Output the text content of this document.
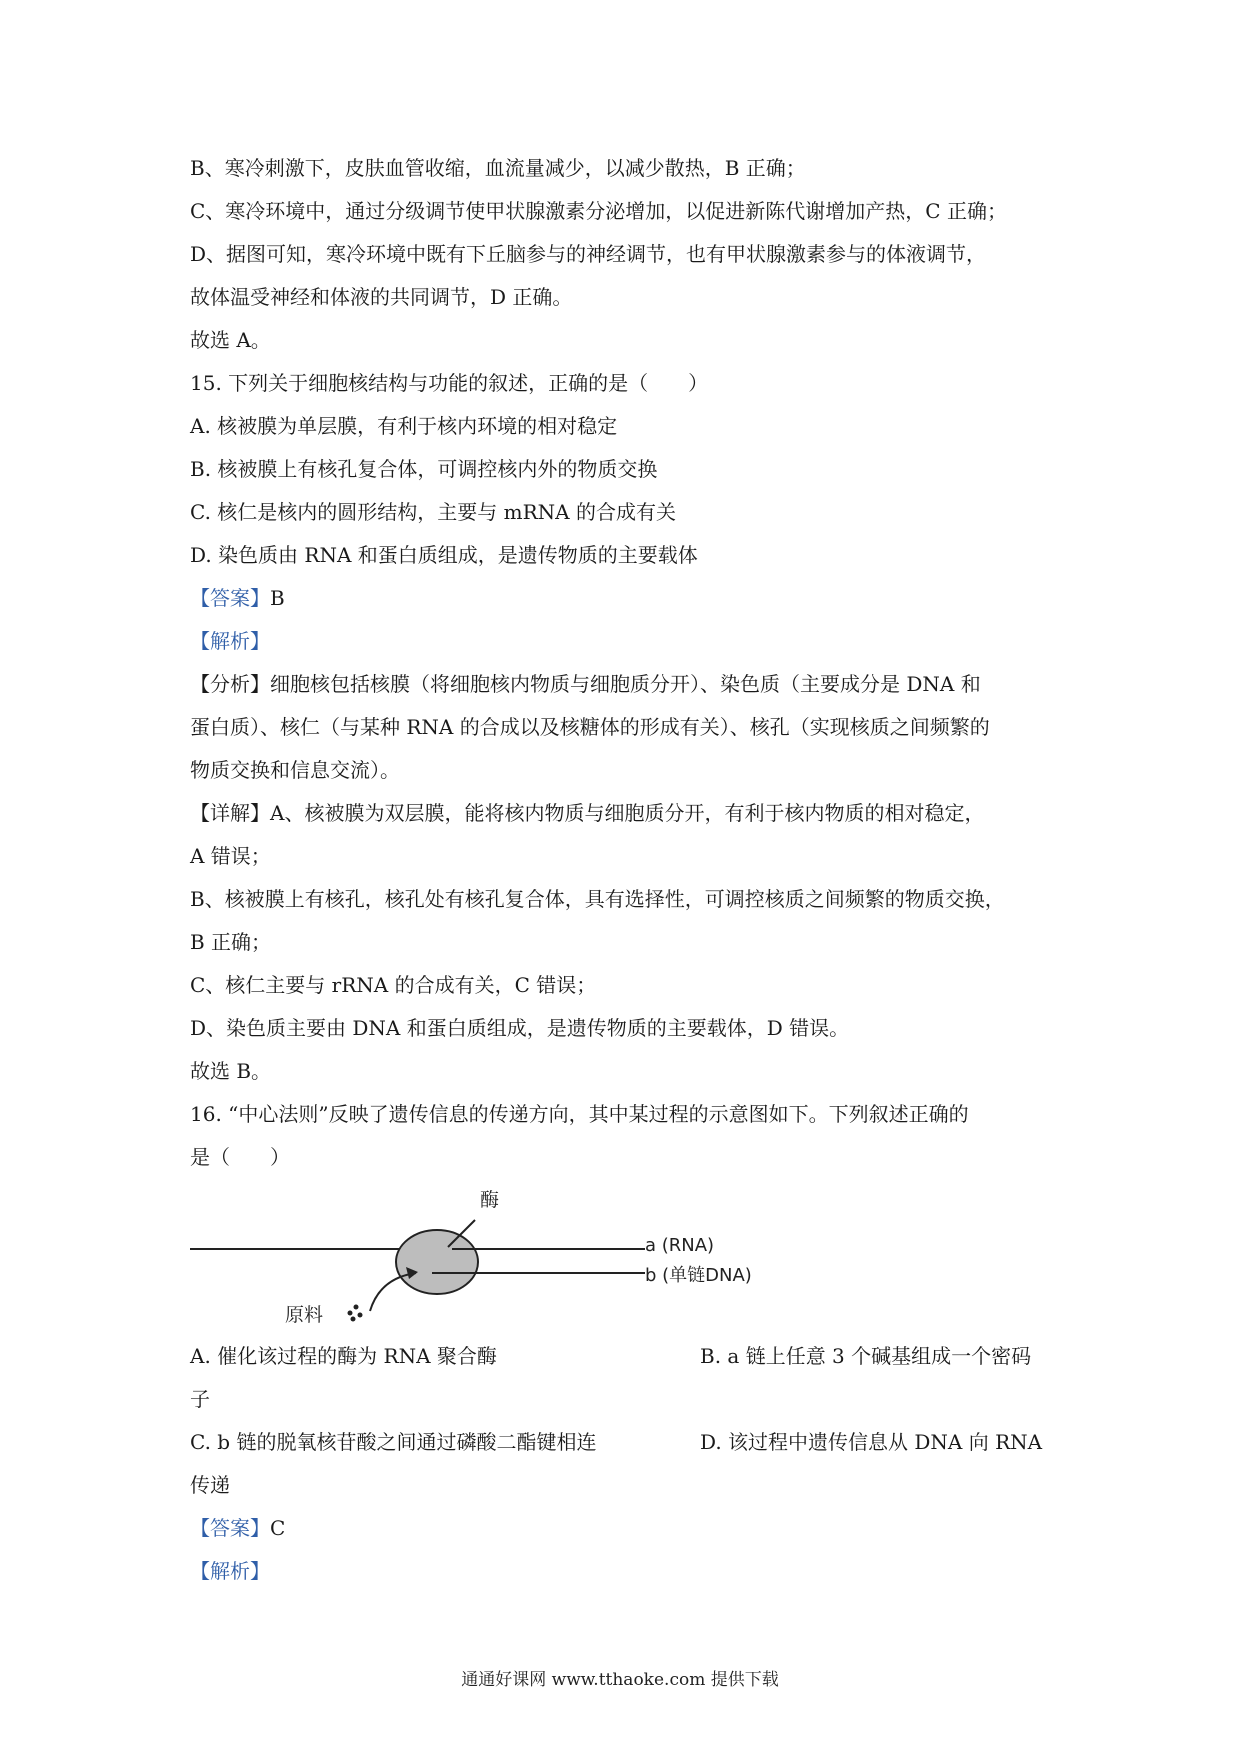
B、寒冷刺激下，皮肤血管收缩，血流量减少，以减少散热，B 正确；

C、寒冷环境中，通过分级调节使甲状腺激素分泌增加，以促进新陈代谢增加产热，C 正确；

D、据图可知，寒冷环境中既有下丘脑参与的神经调节，也有甲状腺激素参与的体液调节，

故体温受神经和体液的共同调节，D 正确。

故选 A。

15. 下列关于细胞核结构与功能的叙述，正确的是（　　）

A. 核被膜为单层膜，有利于核内环境的相对稳定

B. 核被膜上有核孔复合体，可调控核内外的物质交换

C. 核仁是核内的圆形结构，主要与 mRNA 的合成有关

D. 染色质由 RNA 和蛋白质组成，是遗传物质的主要载体

【答案】B

【解析】

【分析】细胞核包括核膜（将细胞核内物质与细胞质分开）、染色质（主要成分是 DNA 和

蛋白质）、核仁（与某种 RNA 的合成以及核糖体的形成有关）、核孔（实现核质之间频繁的

物质交换和信息交流）。

【详解】A、核被膜为双层膜，能将核内物质与细胞质分开，有利于核内物质的相对稳定，

A 错误；

B、核被膜上有核孔，核孔处有核孔复合体，具有选择性，可调控核质之间频繁的物质交换，

B 正确；

C、核仁主要与 rRNA 的合成有关，C 错误；

D、染色质主要由 DNA 和蛋白质组成，是遗传物质的主要载体，D 错误。

故选 B。

16. “中心法则”反映了遗传信息的传递方向，其中某过程的示意图如下。下列叙述正确的

是（　　）

酶
a (RNA)
b (单链DNA)
原料
A. 催化该过程的酶为 RNA 聚合酶	B. a 链上任意 3 个碱基组成一个密码

子

C. b 链的脱氧核苷酸之间通过磷酸二酯键相连	D. 该过程中遗传信息从 DNA 向 RNA

传递

【答案】C

【解析】

通通好课网 www.tthaoke.com 提供下载
